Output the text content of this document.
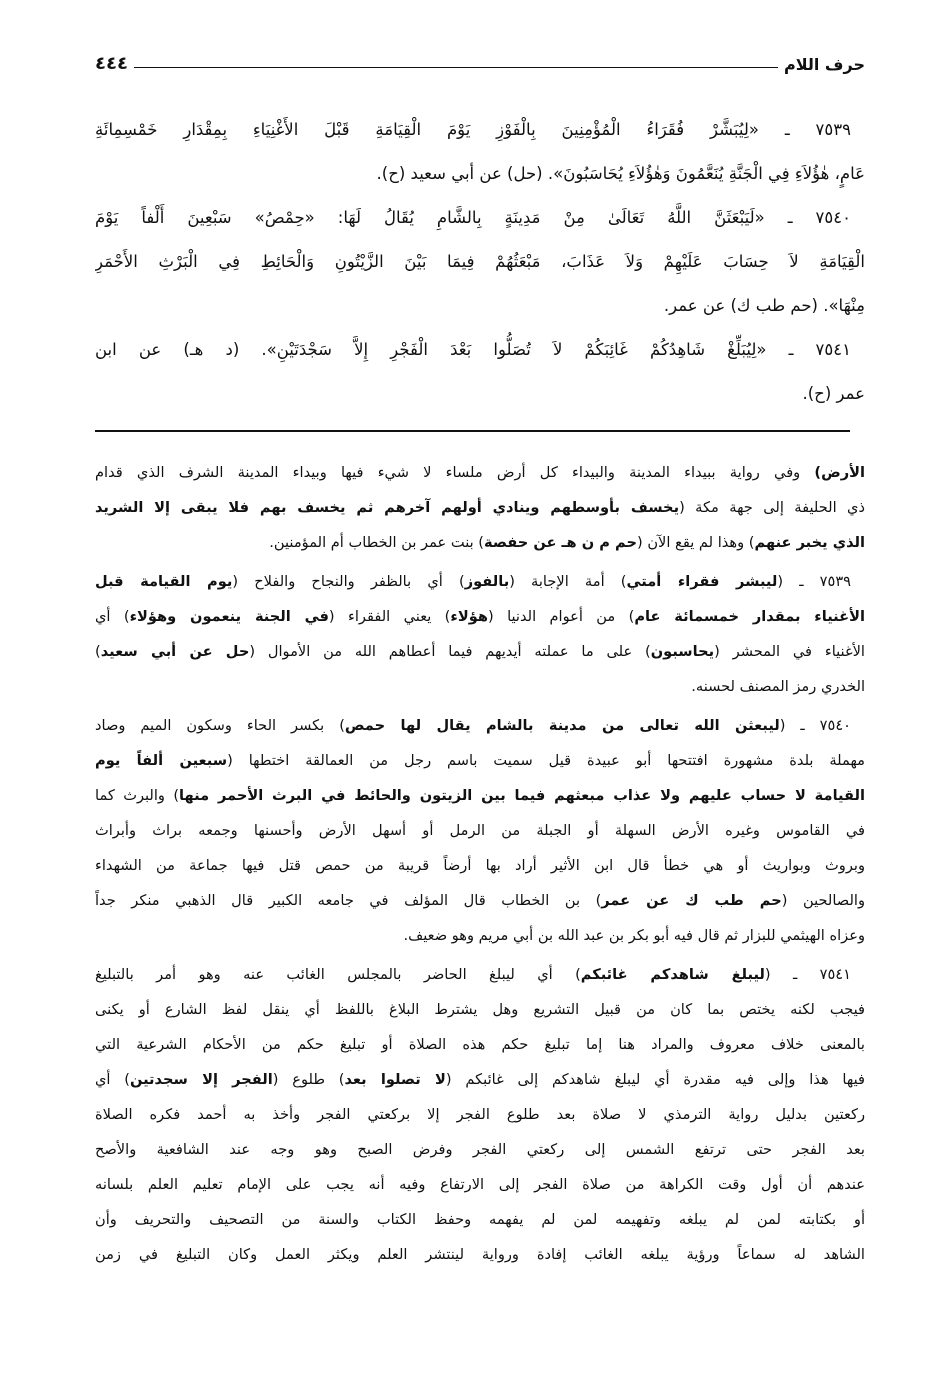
حرف اللام
٤٤٤
٧٥٣٩ ـ «لِيُبَشَّرْ فُقَرَاءُ الْمُؤْمِنِينَ بِالْفَوْزِ يَوْمَ الْقِيَامَةِ قَبْلَ الأَغْنِيَاءِ بِمِقْدَارِ خَمْسِمِائَةِ
عَامٍ، هٰؤُلاَءِ فِي الْجَنَّةِ يُنَعَّمُونَ وَهٰؤُلاَءِ يُحَاسَبُونَ». (حل) عن أبي سعيد (ح).
٧٥٤٠ ـ «لَيَبْعَثَنَّ اللَّهُ تَعَالَىٰ مِنْ مَدِينَةٍ بِالشَّامِ يُقَالُ لَهَا: «حِمْصُ» سَبْعِينَ أَلْفاً يَوْمَ
الْقِيَامَةِ لاَ حِسَابَ عَلَيْهِمْ وَلاَ عَذَابَ، مَبْعَثُهُمْ فِيمَا بَيْنَ الزَّيْتُونِ وَالْحَائِطِ فِي الْبَرْثِ الأَحْمَرِ
مِنْهَا». (حم طب ك) عن عمر.
٧٥٤١ ـ «لِيُبَلِّغْ شَاهِدُكُمْ غَائِبَكُمْ لاَ تُصَلُّوا بَعْدَ الْفَجْرِ إِلاَّ سَجْدَتَيْنِ». (د هـ) عن ابن
عمر (ح).
الأرض) وفي رواية ببيداء المدينة والبيداء كل أرض ملساء لا شيء فيها وبيداء المدينة الشرف الذي قدام
ذي الحليفة إلى جهة مكة (يخسف بأوسطهم وينادي أولهم آخرهم ثم يخسف بهم فلا يبقى إلا الشريد
الذي يخبر عنهم) وهذا لم يقع الآن (حم م ن هـ عن حفصة) بنت عمر بن الخطاب أم المؤمنين.
٧٥٣٩ ـ (ليبشر فقراء أمتي) أمة الإجابة (بالفوز) أي بالظفر والنجاح والفلاح (يوم القيامة قبل
الأغنياء بمقدار خمسمائة عام) من أعوام الدنيا (هؤلاء) يعني الفقراء (في الجنة ينعمون وهؤلاء) أي
الأغنياء في المحشر (يحاسبون) على ما عملته أيديهم فيما أعطاهم الله من الأموال (حل عن أبي سعيد)
الخدري رمز المصنف لحسنه.
٧٥٤٠ ـ (ليبعثن الله تعالى من مدينة بالشام يقال لها حمص) بكسر الحاء وسكون الميم وصاد
مهملة بلدة مشهورة افتتحها أبو عبيدة قيل سميت باسم رجل من العمالقة اختطها (سبعين ألفاً يوم
القيامة لا حساب عليهم ولا عذاب مبعثهم فيما بين الزيتون والحائط في البرث الأحمر منها) والبرث كما
في القاموس وغيره الأرض السهلة أو الجبلة من الرمل أو أسهل الأرض وأحسنها وجمعه براث وأبراث
وبروث وبواريث أو هي خطأ قال ابن الأثير أراد بها أرضاً قريبة من حمص قتل فيها جماعة من الشهداء
والصالحين (حم طب ك عن عمر) بن الخطاب قال المؤلف في جامعه الكبير قال الذهبي منكر جداً
وعزاه الهيثمي للبزار ثم قال فيه أبو بكر بن عبد الله بن أبي مريم وهو ضعيف.
٧٥٤١ ـ (ليبلغ شاهدكم غائبكم) أي ليبلغ الحاضر بالمجلس الغائب عنه وهو أمر بالتبليغ
فيجب لكنه يختص بما كان من قبيل التشريع وهل يشترط البلاغ باللفظ أي ينقل لفظ الشارع أو يكنى
بالمعنى خلاف معروف والمراد هنا إما تبليغ حكم هذه الصلاة أو تبليغ حكم من الأحكام الشرعية التي
فيها هذا وإلى فيه مقدرة أي ليبلغ شاهدكم إلى غائبكم (لا تصلوا بعد) طلوع (الفجر إلا سجدتين) أي
ركعتين بدليل رواية الترمذي لا صلاة بعد طلوع الفجر إلا بركعتي الفجر وأخذ به أحمد فكره الصلاة
بعد الفجر حتى ترتفع الشمس إلى ركعتي الفجر وفرض الصبح وهو وجه عند الشافعية والأصح
عندهم أن أول وقت الكراهة من صلاة الفجر إلى الارتفاع وفيه أنه يجب على الإمام تعليم العلم بلسانه
أو بكتابته لمن لم يبلغه وتفهيمه لمن لم يفهمه وحفظ الكتاب والسنة من التصحيف والتحريف وأن
الشاهد له سماعاً ورؤية يبلغه الغائب إفادة ورواية لينتشر العلم ويكثر العمل وكان التبليغ في زمن
